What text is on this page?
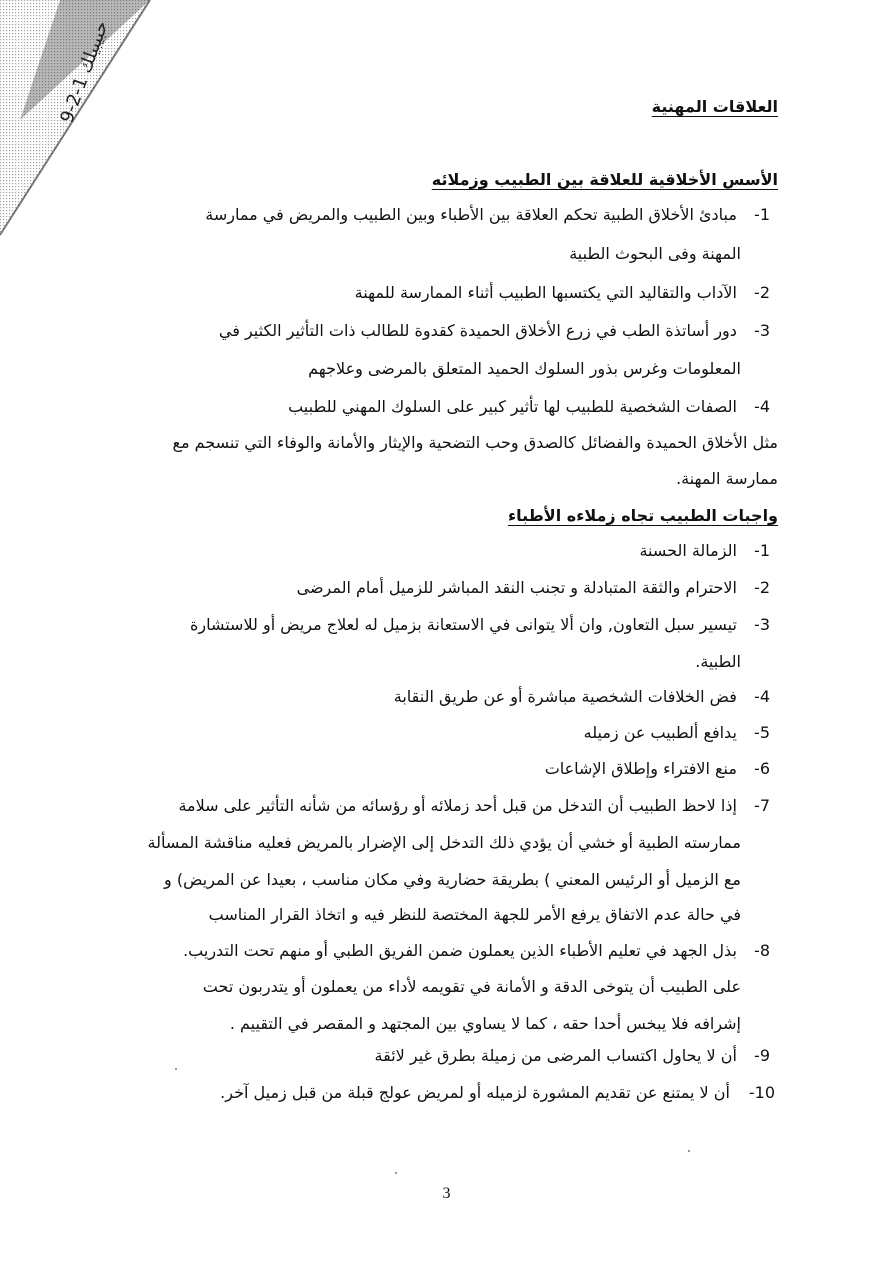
حبيبيلك 1-2-9
العلاقات المهنية
الأسس الأخلاقية للعلاقة بين الطبيب وزملائه
1- مبادئ الأخلاق الطبية تحكم العلاقة بين الأطباء وبين الطبيب والمريض في ممارسة
المهنة وفى البحوث الطبية
2- الآداب والتقاليد التي يكتسبها الطبيب أثناء الممارسة للمهنة
3- دور أساتذة الطب في زرع الأخلاق الحميدة كقدوة للطالب ذات التأثير الكثير في
المعلومات وغرس بذور السلوك الحميد المتعلق بالمرضى وعلاجهم
4- الصفات الشخصية للطبيب لها تأثير كبير على السلوك المهني للطبيب
مثل الأخلاق الحميدة والفضائل كالصدق وحب التضحية والإيثار والأمانة والوفاء التي تنسجم مع
ممارسة المهنة.
واجبات الطبيب تجاه زملاءه الأطباء
1- الزمالة الحسنة
2- الاحترام والثقة المتبادلة و تجنب النقد المباشر للزميل أمام المرضى
3- تيسير سبل التعاون, وان ألا يتوانى في الاستعانة بزميل له لعلاج مريض أو للاستشارة
الطبية.
4- فض الخلافات الشخصية مباشرة أو عن طريق النقابة
5- يدافع ألطبيب عن زميله
6- منع الافتراء وإطلاق الإشاعات
7- إذا لاحظ الطبيب أن التدخل من قبل أحد زملائه أو رؤسائه من شأنه التأثير على سلامة
ممارسته الطبية أو خشي أن يؤدي ذلك التدخل إلى الإضرار بالمريض فعليه مناقشة المسألة
مع الزميل أو الرئيس المعني ) بطريقة حضارية وفي مكان مناسب ، بعيدا عن المريض) و
في حالة عدم الاتفاق يرفع الأمر للجهة المختصة للنظر فيه و اتخاذ القرار المناسب
8- بذل الجهد في تعليم الأطباء الذين يعملون ضمن الفريق الطبي أو منهم تحت التدريب.
على الطبيب أن يتوخى الدقة و الأمانة في تقويمه لأداء من يعملون أو يتدربون تحت
إشرافه فلا يبخس أحدا حقه ، كما لا يساوي بين المجتهد و المقصر في التقييم .
9- أن لا يحاول اكتساب المرضى من زميلة بطرق غير لائقة
10- أن لا يمتنع عن تقديم المشورة لزميله أو لمريض عولج قبلة من قبل زميل آخر.
3
